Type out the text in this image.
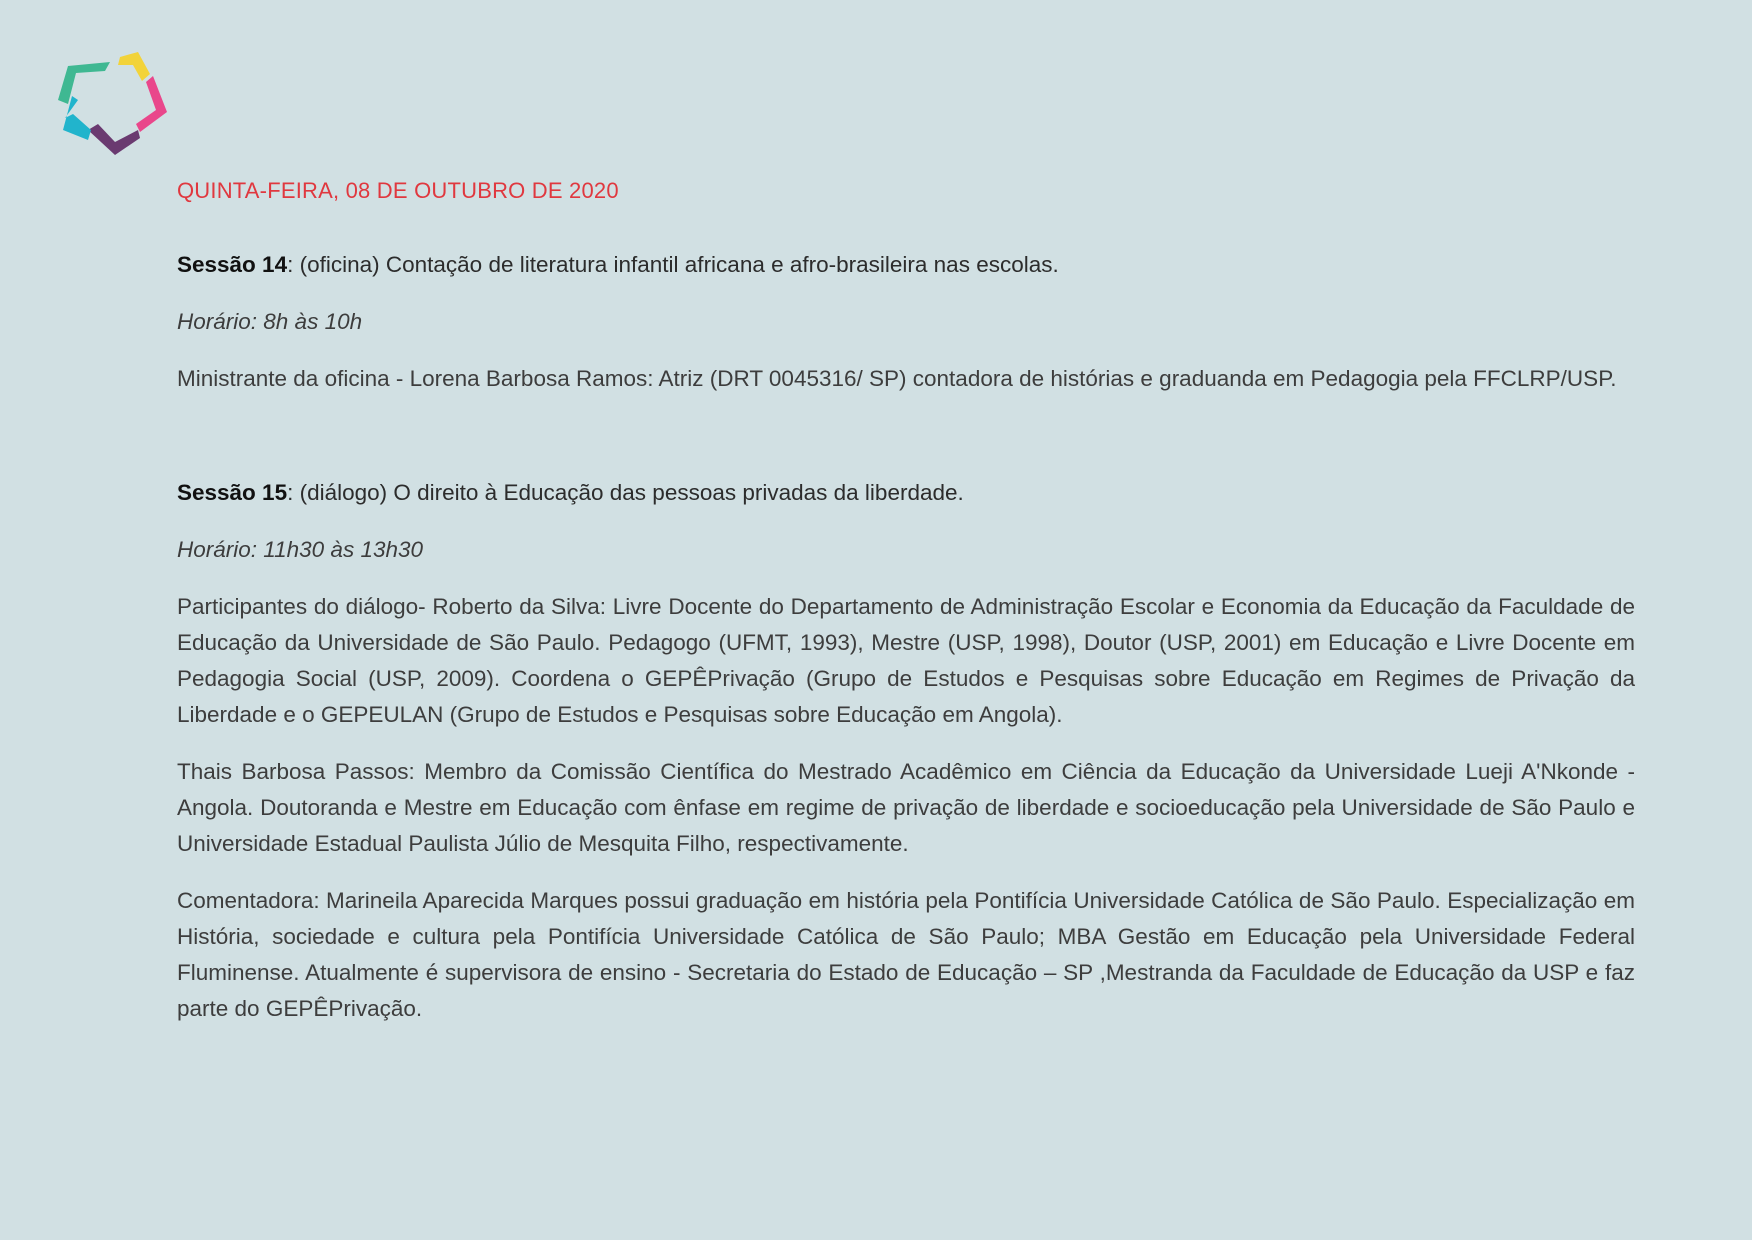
QUINTA-FEIRA, 08 DE OUTUBRO DE 2020

Sessão 14: (oficina) Contação de literatura infantil africana e afro-brasileira nas escolas.

Horário: 8h às 10h

Ministrante da oficina - Lorena Barbosa Ramos: Atriz (DRT 0045316/ SP) contadora de histórias e graduanda em Pedagogia pela FFCLRP/USP.

Sessão 15: (diálogo) O direito à Educação das pessoas privadas da liberdade.

Horário: 11h30 às 13h30

Participantes do diálogo- Roberto da Silva: Livre Docente do Departamento de Administração Escolar e Economia da Educação da Faculdade de Educação da Universidade de São Paulo. Pedagogo (UFMT, 1993), Mestre (USP, 1998), Doutor (USP, 2001) em Educação e Livre Docente em Pedagogia Social (USP, 2009). Coordena o GEPÊPrivação (Grupo de Estudos e Pesquisas sobre Educação em Regimes de Privação da Liberdade e o GEPEULAN (Grupo de Estudos e Pesquisas sobre Educação em Angola).

Thais Barbosa Passos: Membro da Comissão Científica do Mestrado Acadêmico em Ciência da Educação da Universidade Lueji A'Nkonde - Angola. Doutoranda e Mestre em Educação com ênfase em regime de privação de liberdade e socioeducação pela Universidade de São Paulo e Universidade Estadual Paulista Júlio de Mesquita Filho, respectivamente.

Comentadora: Marineila Aparecida Marques possui graduação em história pela Pontifícia Universidade Católica de São Paulo. Especialização em História, sociedade e cultura pela Pontifícia Universidade Católica de São Paulo; MBA Gestão em Educação pela Universidade Federal Fluminense. Atualmente é supervisora de ensino - Secretaria do Estado de Educação – SP ,Mestranda da Faculdade de Educação da USP e faz parte do GEPÊPrivação.
